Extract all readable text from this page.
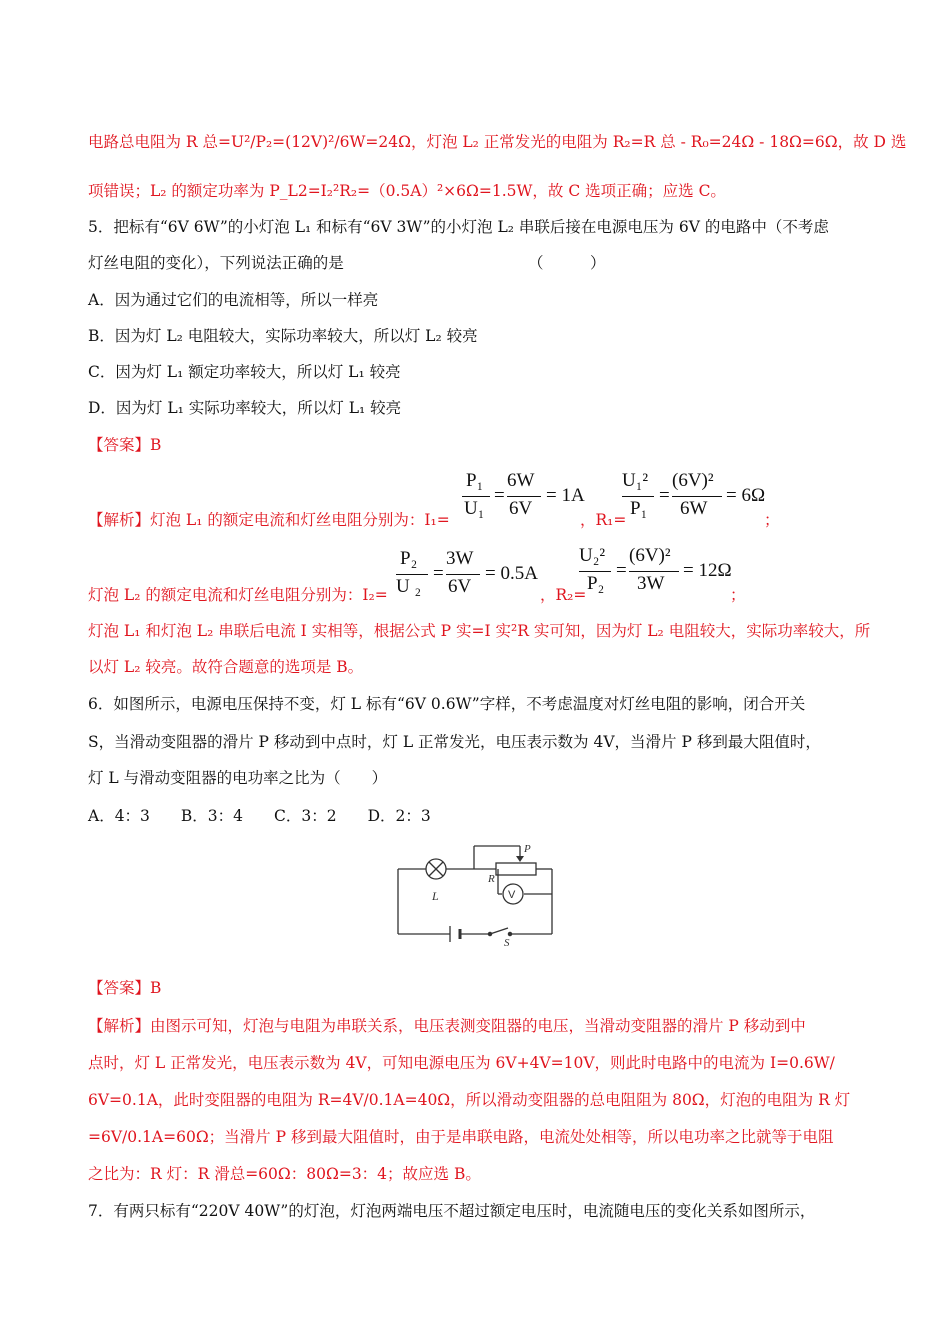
电路总电阻为 R 总=U²/P₂=(12V)²/6W=24Ω，灯泡 L₂ 正常发光的电阻为 R₂=R 总 - R₀=24Ω - 18Ω=6Ω，故 D 选
项错误；L₂ 的额定功率为 P_L2=I₂²R₂=（0.5A）²×6Ω=1.5W，故 C 选项正确；应选 C。
5．把标有“6V 6W”的小灯泡 L₁ 和标有“6V 3W”的小灯泡 L₂ 串联后接在电源电压为 6V 的电路中（不考虑
灯丝电阻的变化），下列说法正确的是	（　　　）
A．因为通过它们的电流相等，所以一样亮
B．因为灯 L₂ 电阻较大，实际功率较大，所以灯 L₂ 较亮
C．因为灯 L₁ 额定功率较大，所以灯 L₁ 较亮
D．因为灯 L₁ 实际功率较大，所以灯 L₁ 较亮
【答案】B
【解析】灯泡 L₁ 的额定电流和灯丝电阻分别为：I₁=	，R₁=	；
P₁
U₁
=
6W
6V
= 1A
U₁²
P₁
=
(6V)²
6W
= 6Ω
灯泡 L₂ 的额定电流和灯丝电阻分别为：I₂=	，R₂=	；
P₂
U ₂
=
3W
6V
= 0.5A
U₂²
P₂
=
(6V)²
3W
= 12Ω
灯泡 L₁ 和灯泡 L₂ 串联后电流 I 实相等，根据公式 P 实=I 实²R 实可知，因为灯 L₂ 电阻较大，实际功率较大，所
以灯 L₂ 较亮。故符合题意的选项是 B。
6．如图所示，电源电压保持不变，灯 L 标有“6V 0.6W”字样，不考虑温度对灯丝电阻的影响，闭合开关
S，当滑动变阻器的滑片 P 移动到中点时，灯 L 正常发光，电压表示数为 4V，当滑片 P 移到最大阻值时，
灯 L 与滑动变阻器的电功率之比为（　　）
A．4：3　　B．3：4　　C．3：2　　D．2：3
P
R
L	V
S
【答案】B
【解析】由图示可知，灯泡与电阻为串联关系，电压表测变阻器的电压，当滑动变阻器的滑片 P 移动到中
点时，灯 L 正常发光，电压表示数为 4V，可知电源电压为 6V+4V=10V，则此时电路中的电流为 I=0.6W/
6V=0.1A，此时变阻器的电阻为 R=4V/0.1A=40Ω，所以滑动变阻器的总电阻阻为 80Ω，灯泡的电阻为 R 灯
=6V/0.1A=60Ω；当滑片 P 移到最大阻值时，由于是串联电路，电流处处相等，所以电功率之比就等于电阻
之比为：R 灯：R 滑总=60Ω：80Ω=3：4；故应选 B。
7．有两只标有“220V 40W”的灯泡，灯泡两端电压不超过额定电压时，电流随电压的变化关系如图所示，
